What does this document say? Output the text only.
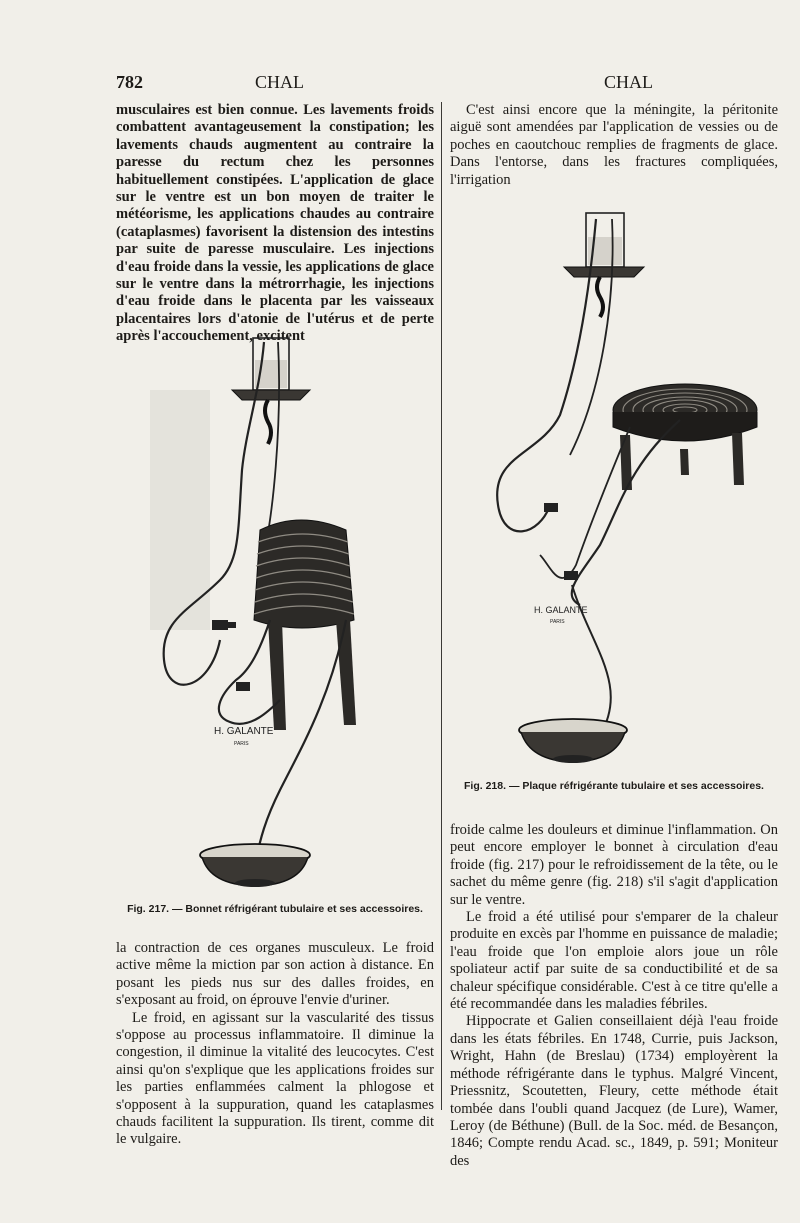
782	CHAL	CHAL

musculaires est bien connue. Les lavements froids combattent avantageusement la constipation; les lavements chauds augmentent au contraire la paresse du rectum chez les personnes habituellement constipées. L'application de glace sur le ventre est un bon moyen de traiter le météorisme, les applications chaudes au contraire (cataplasmes) favorisent la distension des intestins par suite de paresse musculaire. Les injections d'eau froide dans la vessie, les applications de glace sur le ventre dans la métrorrhagie, les injections d'eau froide dans le placenta par les vaisseaux placentaires lors d'atonie de l'utérus et de perte après l'accouchement, excitent

H. GALANTE
PARIS
Fig. 217. — Bonnet réfrigérant tubulaire et ses accessoires.

la contraction de ces organes musculeux. Le froid active même la miction par son action à distance. En posant les pieds nus sur des dalles froides, en s'exposant au froid, on éprouve l'envie d'uriner.

Le froid, en agissant sur la vascularité des tissus s'oppose au processus inflammatoire. Il diminue la congestion, il diminue la vitalité des leucocytes. C'est ainsi qu'on s'explique que les applications froides sur les parties enflammées calment la phlogose et s'opposent à la suppuration, quand les cataplasmes chauds facilitent la suppuration. Ils tirent, comme dit le vulgaire.

C'est ainsi encore que la méningite, la péritonite aiguë sont amendées par l'application de vessies ou de poches en caoutchouc remplies de fragments de glace. Dans l'entorse, dans les fractures compliquées, l'irrigation

H. GALANTE
PARIS
Fig. 218. — Plaque réfrigérante tubulaire et ses accessoires.

froide calme les douleurs et diminue l'inflammation. On peut encore employer le bonnet à circulation d'eau froide (fig. 217) pour le refroidissement de la tête, ou le sachet du même genre (fig. 218) s'il s'agit d'application sur le ventre.

Le froid a été utilisé pour s'emparer de la chaleur produite en excès par l'homme en puissance de maladie; l'eau froide que l'on emploie alors joue un rôle spoliateur actif par suite de sa conductibilité et de sa chaleur spécifique considérable. C'est à ce titre qu'elle a été recommandée dans les maladies fébriles.

Hippocrate et Galien conseillaient déjà l'eau froide dans les états fébriles. En 1748, Currie, puis Jackson, Wright, Hahn (de Breslau) (1734) employèrent la méthode réfrigérante dans le typhus. Malgré Vincent, Priessnitz, Scoutetten, Fleury, cette méthode était tombée dans l'oubli quand Jacquez (de Lure), Wamer, Leroy (de Béthune) (Bull. de la Soc. méd. de Besançon, 1846; Compte rendu Acad. sc., 1849, p. 591; Moniteur des
